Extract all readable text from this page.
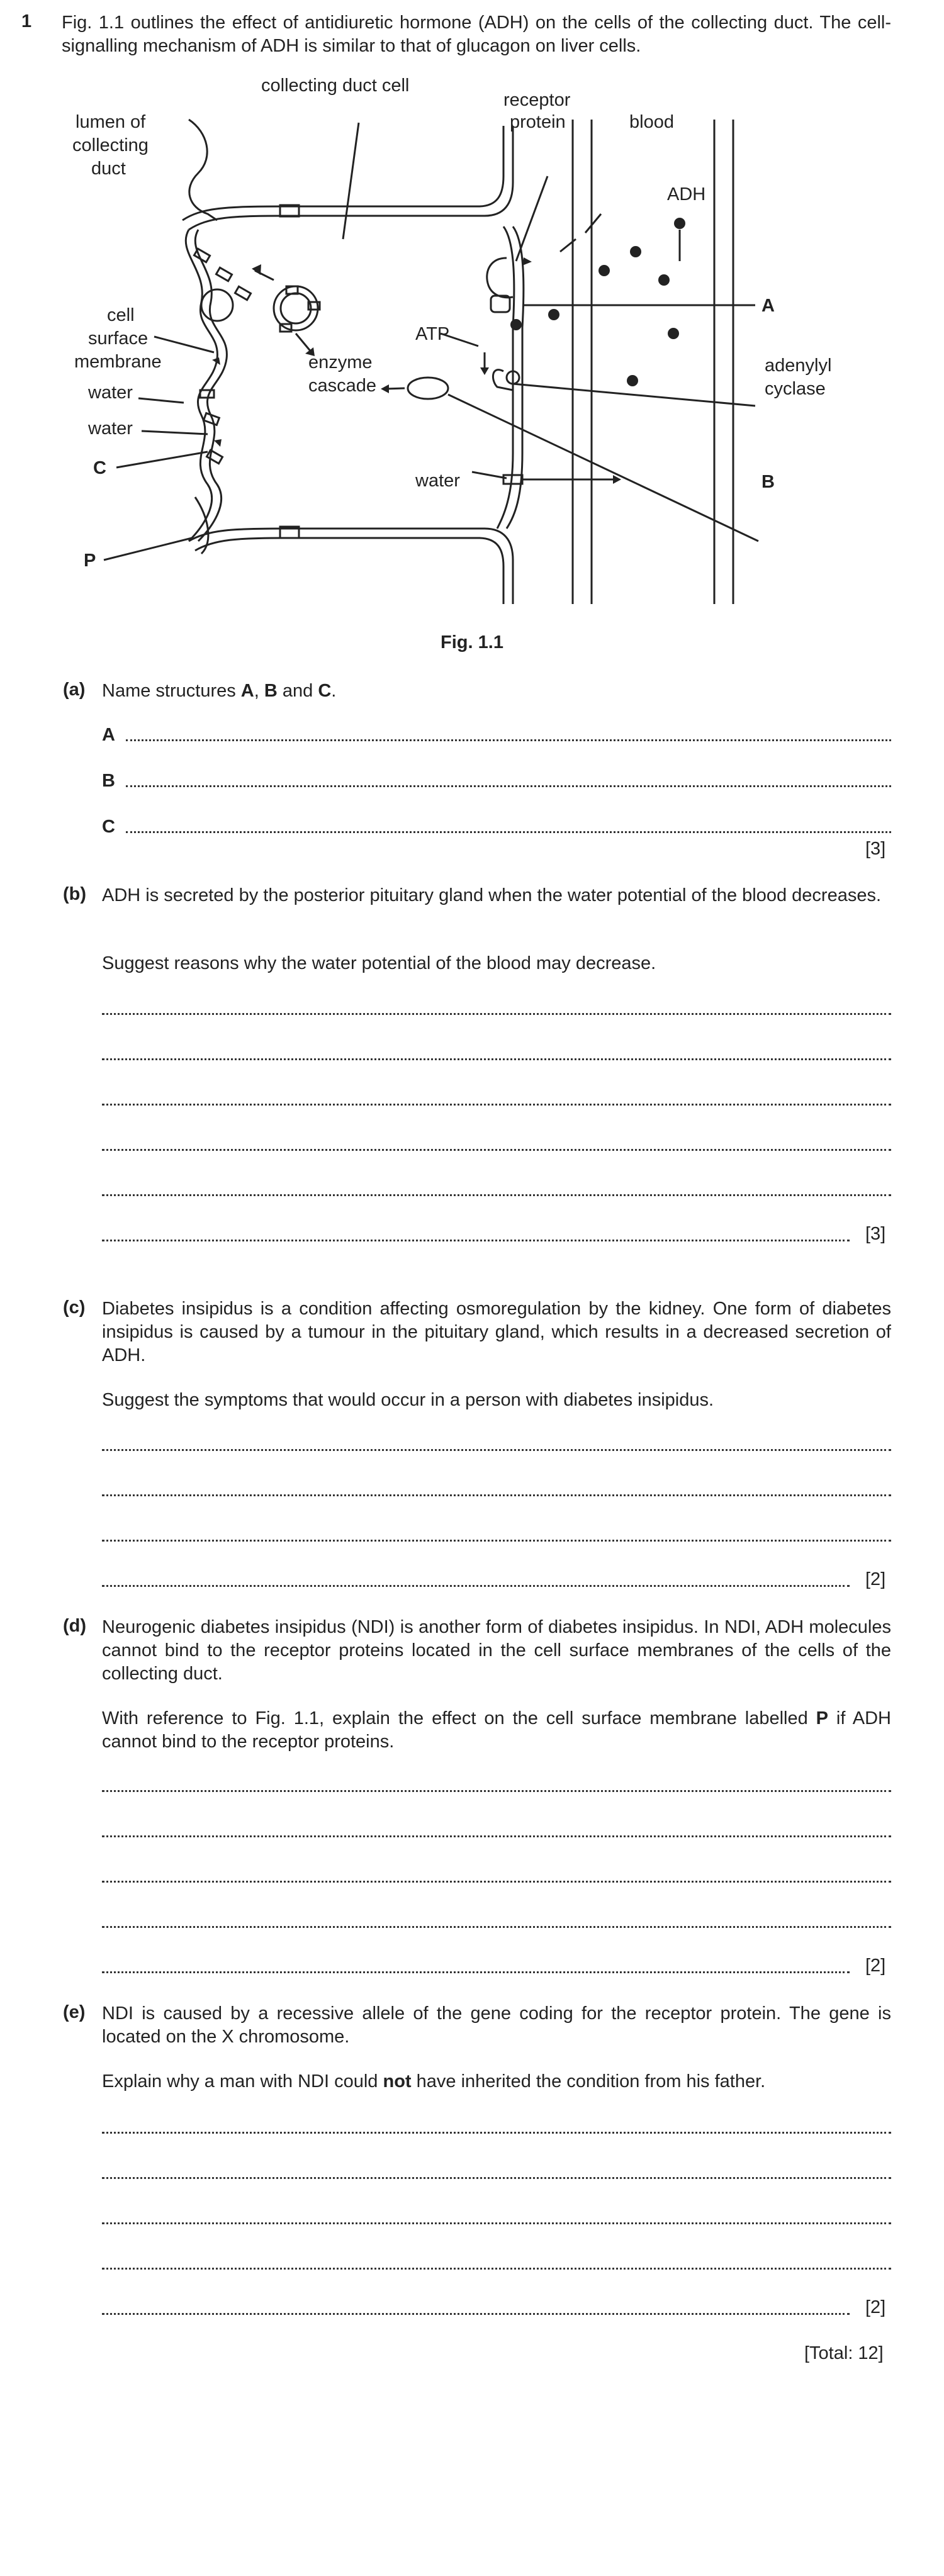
1 Fig. 1.1 outlines the effect of antidiuretic hormone (ADH) on the cells of the collecting duct. The cell-signalling mechanism of ADH is similar to that of glucagon on liver cells.
collecting duct cell
receptor
protein	blood
lumen of
collecting
duct
ADH
A
cell
surface
membrane
ATP
enzyme
cascade
adenylyl
cyclase
water
water
water
C
B
P
Fig. 1.1
(a) Name structures A, B and C.
A
B
C
[3]
(b) ADH is secreted by the posterior pituitary gland when the water potential of the blood decreases.
Suggest reasons why the water potential of the blood may decrease.
[3]
(c) Diabetes insipidus is a condition affecting osmoregulation by the kidney. One form of diabetes insipidus is caused by a tumour in the pituitary gland, which results in a decreased secretion of ADH.
Suggest the symptoms that would occur in a person with diabetes insipidus.
[2]
(d) Neurogenic diabetes insipidus (NDI) is another form of diabetes insipidus. In NDI, ADH molecules cannot bind to the receptor proteins located in the cell surface membranes of the cells of the collecting duct.
With reference to Fig. 1.1, explain the effect on the cell surface membrane labelled P if ADH cannot bind to the receptor proteins.
[2]
(e) NDI is caused by a recessive allele of the gene coding for the receptor protein. The gene is located on the X chromosome.
Explain why a man with NDI could not have inherited the condition from his father.
[2]
[Total: 12]
